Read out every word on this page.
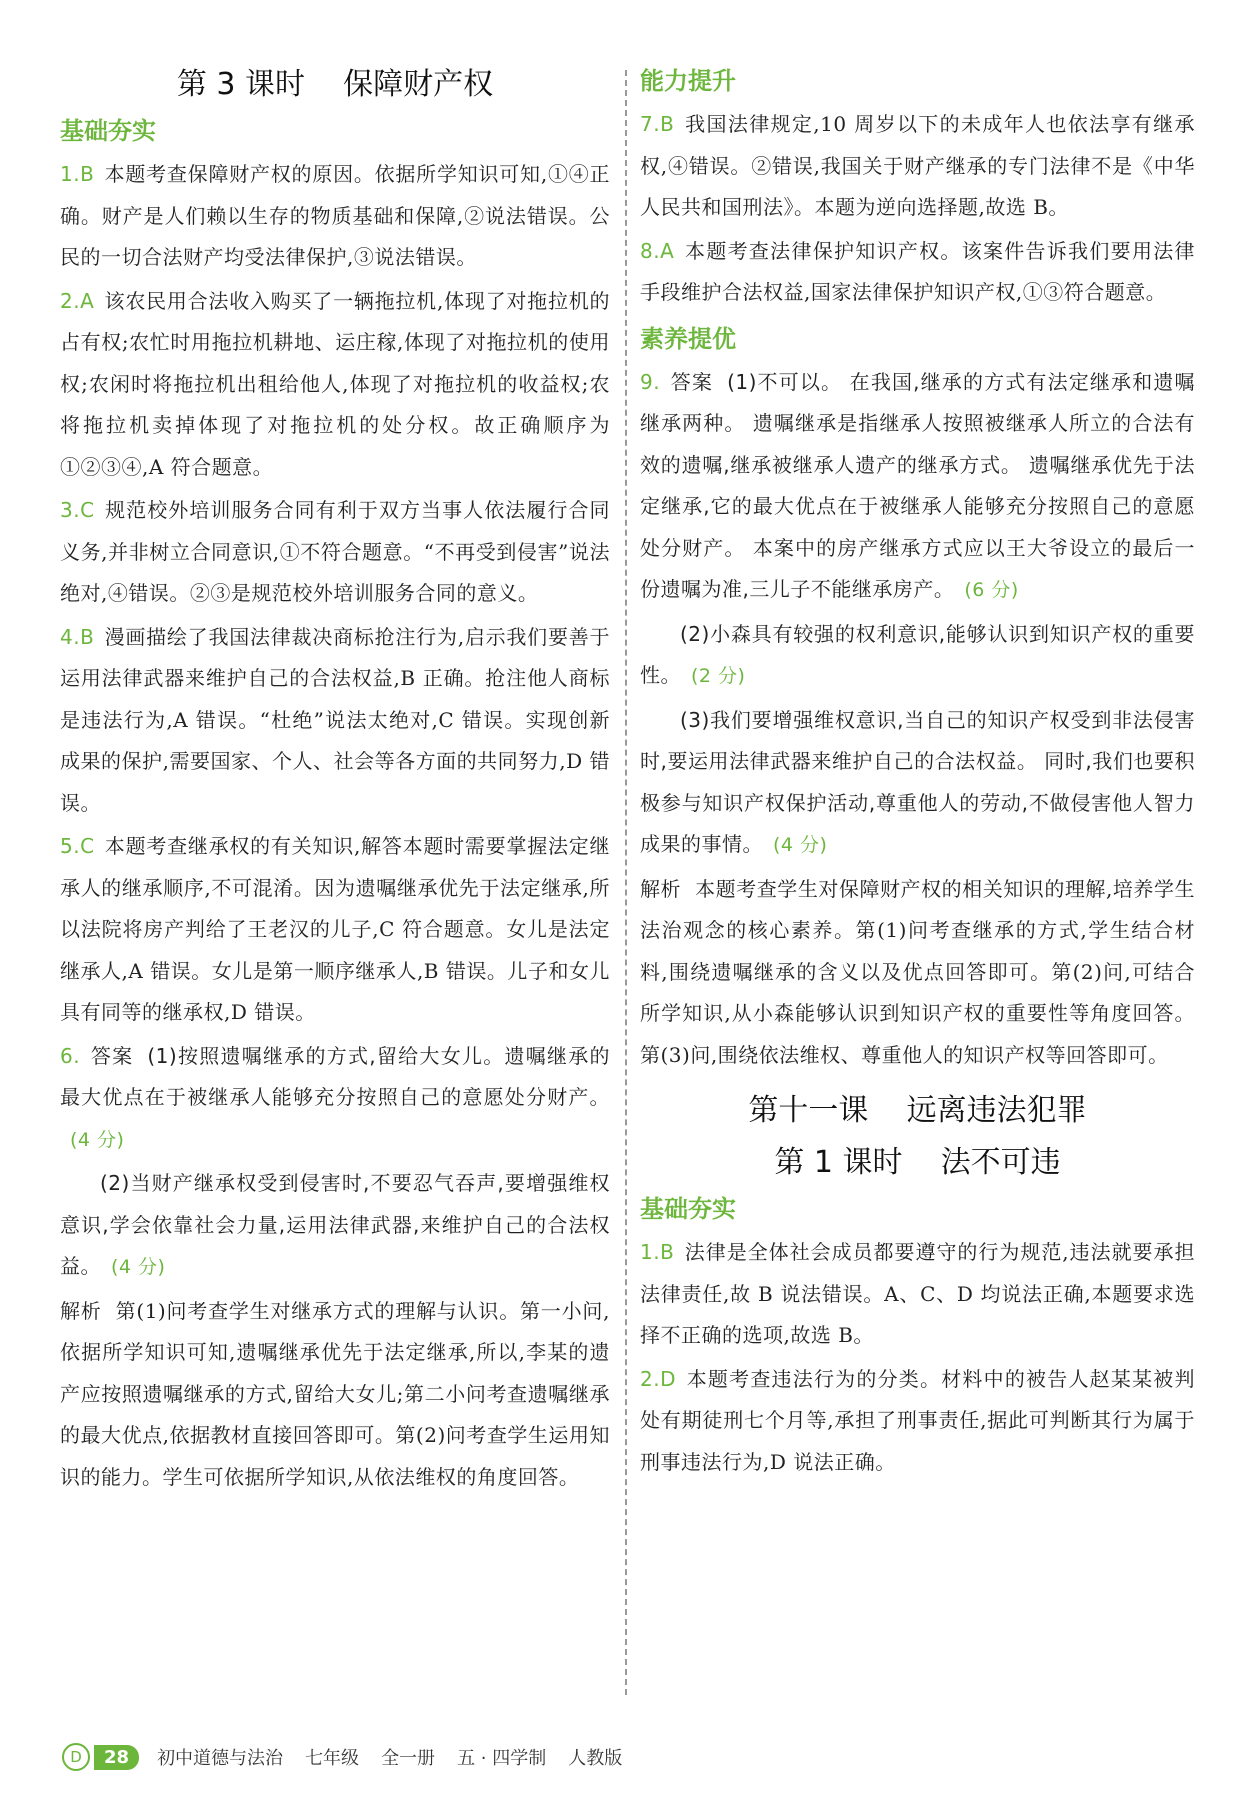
第 3 课时    保障财产权

基础夯实

1.B 本题考查保障财产权的原因。依据所学知识可知,①④正确。财产是人们赖以生存的物质基础和保障,②说法错误。公民的一切合法财产均受法律保护,③说法错误。

2.A 该农民用合法收入购买了一辆拖拉机,体现了对拖拉机的占有权;农忙时用拖拉机耕地、运庄稼,体现了对拖拉机的使用权;农闲时将拖拉机出租给他人,体现了对拖拉机的收益权;农将拖拉机卖掉体现了对拖拉机的处分权。故正确顺序为①②③④,A 符合题意。

3.C 规范校外培训服务合同有利于双方当事人依法履行合同义务,并非树立合同意识,①不符合题意。“不再受到侵害”说法绝对,④错误。②③是规范校外培训服务合同的意义。

4.B 漫画描绘了我国法律裁决商标抢注行为,启示我们要善于运用法律武器来维护自己的合法权益,B 正确。抢注他人商标是违法行为,A 错误。“杜绝”说法太绝对,C 错误。实现创新成果的保护,需要国家、个人、社会等各方面的共同努力,D 错误。

5.C 本题考查继承权的有关知识,解答本题时需要掌握法定继承人的继承顺序,不可混淆。因为遗嘱继承优先于法定继承,所以法院将房产判给了王老汉的儿子,C 符合题意。女儿是法定继承人,A 错误。女儿是第一顺序继承人,B 错误。儿子和女儿具有同等的继承权,D 错误。

6. 答案 (1)按照遗嘱继承的方式,留给大女儿。遗嘱继承的最大优点在于被继承人能够充分按照自己的意愿处分财产。(4 分)

(2)当财产继承权受到侵害时,不要忍气吞声,要增强维权意识,学会依靠社会力量,运用法律武器,来维护自己的合法权益。 (4 分)

解析 第(1)问考查学生对继承方式的理解与认识。第一小问,依据所学知识可知,遗嘱继承优先于法定继承,所以,李某的遗产应按照遗嘱继承的方式,留给大女儿;第二小问考查遗嘱继承的最大优点,依据教材直接回答即可。第(2)问考查学生运用知识的能力。学生可依据所学知识,从依法维权的角度回答。

能力提升

7.B 我国法律规定,10 周岁以下的未成年人也依法享有继承权,④错误。②错误,我国关于财产继承的专门法律不是《中华人民共和国刑法》。本题为逆向选择题,故选 B。

8.A 本题考查法律保护知识产权。该案件告诉我们要用法律手段维护合法权益,国家法律保护知识产权,①③符合题意。

素养提优

9. 答案 (1)不可以。 在我国,继承的方式有法定继承和遗嘱继承两种。 遗嘱继承是指继承人按照被继承人所立的合法有效的遗嘱,继承被继承人遗产的继承方式。 遗嘱继承优先于法定继承,它的最大优点在于被继承人能够充分按照自己的意愿处分财产。 本案中的房产继承方式应以王大爷设立的最后一份遗嘱为准,三儿子不能继承房产。 (6 分)

(2)小森具有较强的权利意识,能够认识到知识产权的重要性。 (2 分)

(3)我们要增强维权意识,当自己的知识产权受到非法侵害时,要运用法律武器来维护自己的合法权益。 同时,我们也要积极参与知识产权保护活动,尊重他人的劳动,不做侵害他人智力成果的事情。 (4 分)

解析 本题考查学生对保障财产权的相关知识的理解,培养学生法治观念的核心素养。第(1)问考查继承的方式,学生结合材料,围绕遗嘱继承的含义以及优点回答即可。第(2)问,可结合所学知识,从小森能够认识到知识产权的重要性等角度回答。第(3)问,围绕依法维权、尊重他人的知识产权等回答即可。

第十一课    远离违法犯罪

第 1 课时    法不可违

基础夯实

1.B 法律是全体社会成员都要遵守的行为规范,违法就要承担法律责任,故 B 说法错误。A、C、D 均说法正确,本题要求选择不正确的选项,故选 B。

2.D 本题考查违法行为的分类。材料中的被告人赵某某被判处有期徒刑七个月等,承担了刑事责任,据此可判断其行为属于刑事违法行为,D 说法正确。

D	28	初中道德与法治 七年级 全一册 五 · 四学制 人教版
